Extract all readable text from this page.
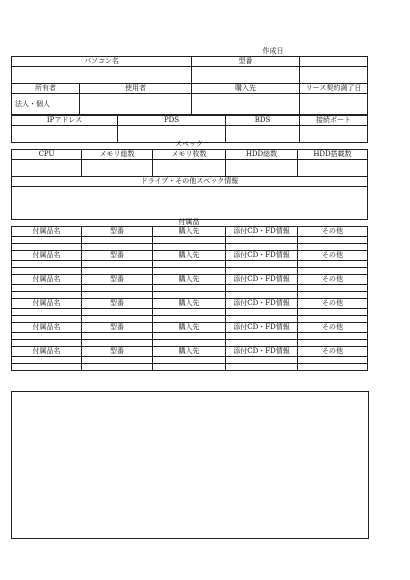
作成日
パソコン名	型番	

所有者	使用者	購入先	リース契約満了日
法人・個人			
IPアドレス	PDS	BDS	接続ポート

スペック
CPU	メモリ総数	メモリ枚数	HDD総数	HDD搭載数

ドライブ・その他スペック情報				

付属品
付属品名	型番	購入先	添付CD・FD情報	その他

付属品名	型番	購入先	添付CD・FD情報	その他

付属品名	型番	購入先	添付CD・FD情報	その他

付属品名	型番	購入先	添付CD・FD情報	その他

付属品名	型番	購入先	添付CD・FD情報	その他

付属品名	型番	購入先	添付CD・FD情報	その他
